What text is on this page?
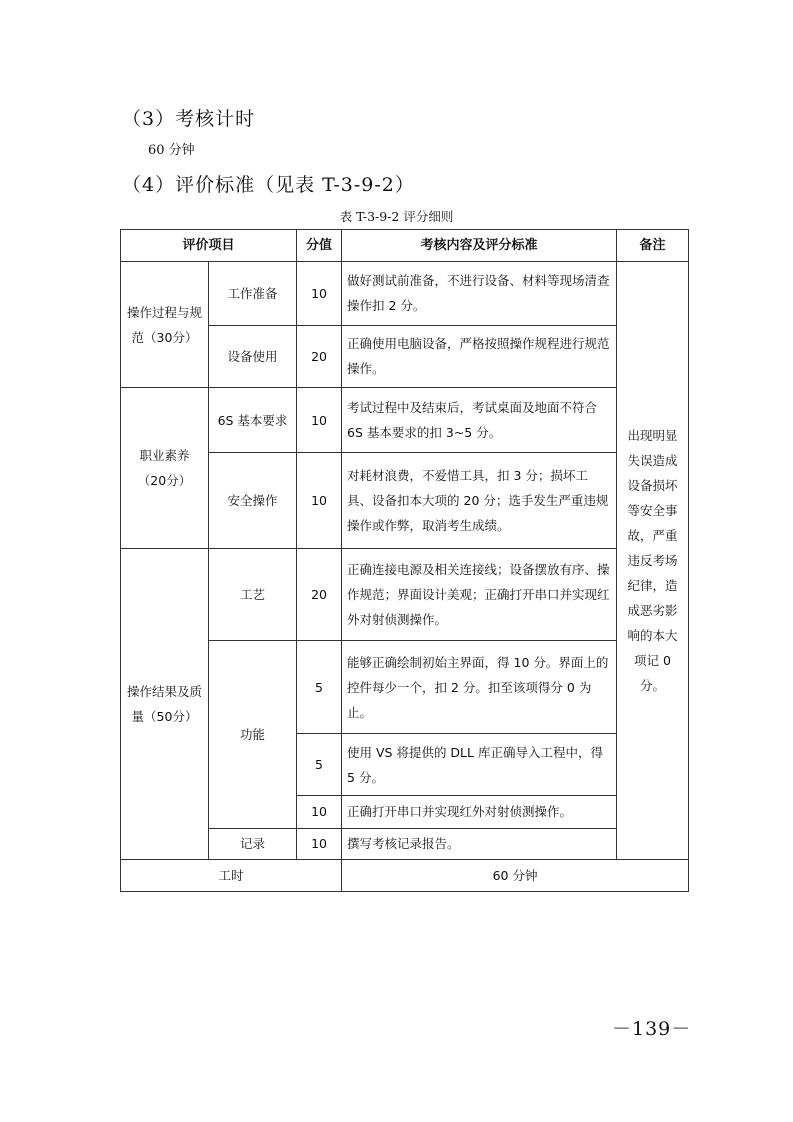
（3）考核计时
60 分钟
（4）评价标准（见表 T-3-9-2）
表 T-3-9-2 评分细则
评价项目		分值	考核内容及评分标准	备注
操作过程与规范（30分）	工作准备	10	做好测试前准备，不进行设备、材料等现场清查操作扣 2 分。	出现明显失误造成设备损坏等安全事故，严重违反考场纪律，造成恶劣影响的本大项记 0 分。
	设备使用	20	正确使用电脑设备，严格按照操作规程进行规范操作。	
职业素养（20分）	6S 基本要求	10	考试过程中及结束后，考试桌面及地面不符合 6S 基本要求的扣 3~5 分。	
	安全操作	10	对耗材浪费，不爱惜工具，扣 3 分；损坏工具、设备扣本大项的 20 分；选手发生严重违规操作或作弊，取消考生成绩。	
操作结果及质量（50分）	工艺	20	正确连接电源及相关连接线；设备摆放有序、操作规范；界面设计美观；正确打开串口并实现红外对射侦测操作。	
	功能	5	能够正确绘制初始主界面，得 10 分。界面上的控件每少一个，扣 2 分。扣至该项得分 0 为止。	
		5	使用 VS 将提供的 DLL 库正确导入工程中，得 5 分。	
		10	正确打开串口并实现红外对射侦测操作。	
	记录	10	撰写考核记录报告。	
工时			60 分钟	
－139－
